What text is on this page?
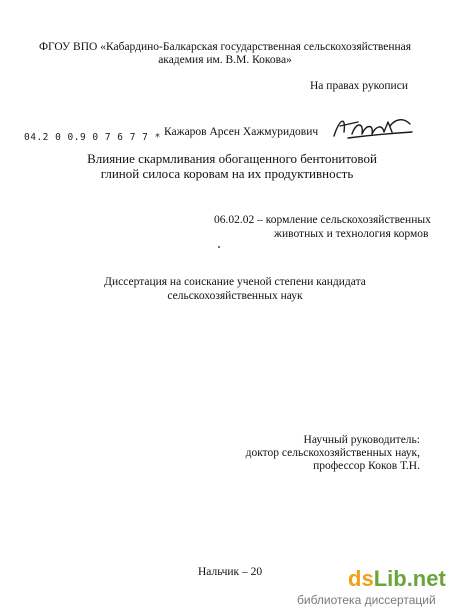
ФГОУ ВПО «Кабардино-Балкарская государственная сельскохозяйственная
академия им. В.М. Кокова»
На правах рукописи
04.2 0 0.9 0 7 6 7 7 * Кажаров Арсен Хажмуридович
Влияние скармливания обогащенного бентонитовой
глиной силоса коровам на их продуктивность
06.02.02 – кормление сельскохозяйственных
животных и технология кормов
Диссертация на соискание ученой степени кандидата
сельскохозяйственных наук
Научный руководитель:
доктор сельскохозяйственных наук,
профессор Коков Т.Н.
Нальчик – 20	dsLib.net
библиотека диссертаций
